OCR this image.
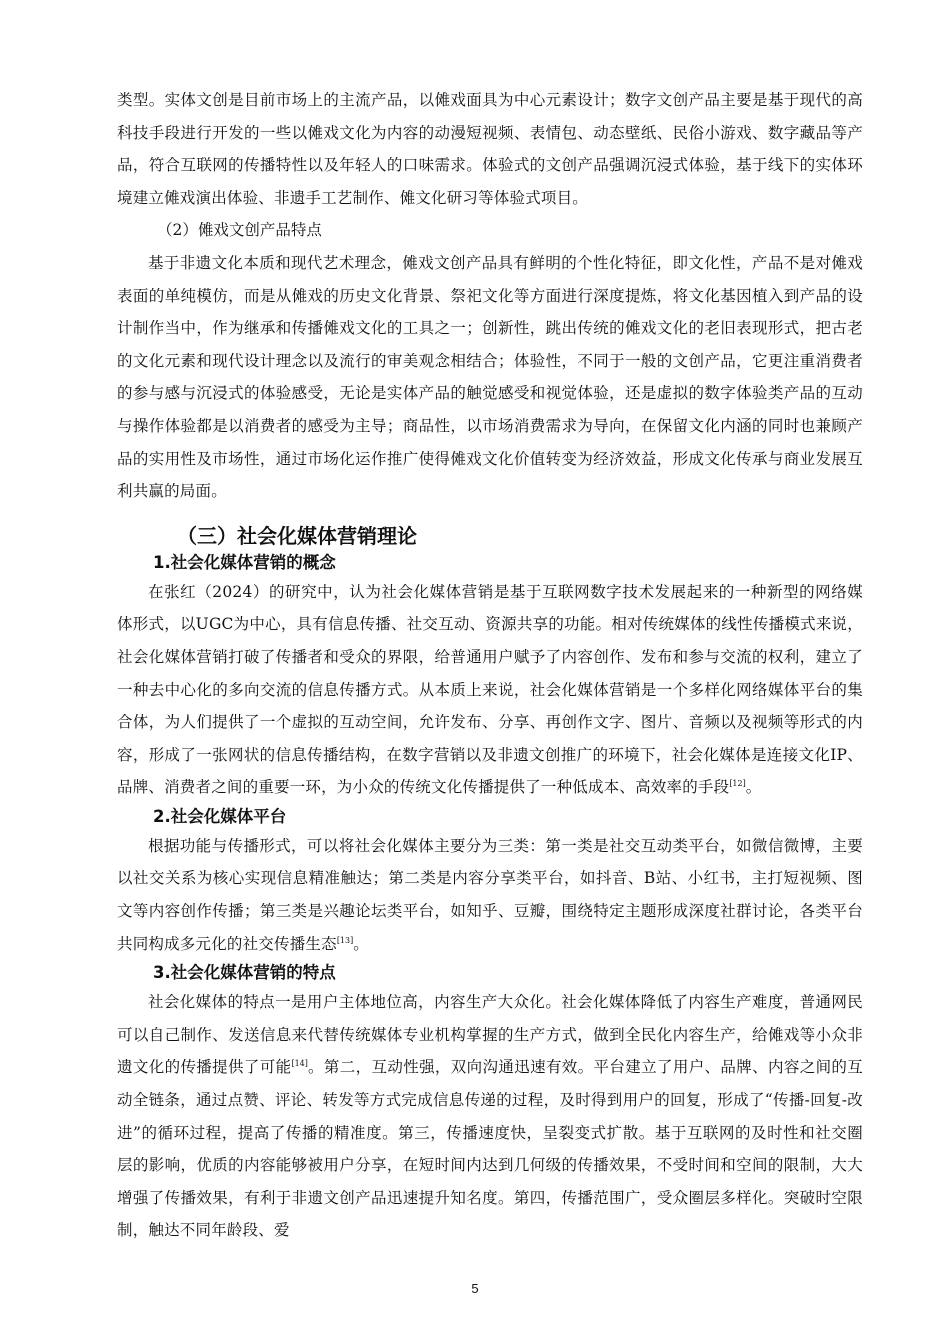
类型。实体文创是目前市场上的主流产品，以傩戏面具为中心元素设计；数字文创产品主要是基于现代的高科技手段进行开发的一些以傩戏文化为内容的动漫短视频、表情包、动态壁纸、民俗小游戏、数字藏品等产品，符合互联网的传播特性以及年轻人的口味需求。体验式的文创产品强调沉浸式体验，基于线下的实体环境建立傩戏演出体验、非遗手工艺制作、傩文化研习等体验式项目。

（2）傩戏文创产品特点

基于非遗文化本质和现代艺术理念，傩戏文创产品具有鲜明的个性化特征，即文化性，产品不是对傩戏表面的单纯模仿，而是从傩戏的历史文化背景、祭祀文化等方面进行深度提炼，将文化基因植入到产品的设计制作当中，作为继承和传播傩戏文化的工具之一；创新性，跳出传统的傩戏文化的老旧表现形式，把古老的文化元素和现代设计理念以及流行的审美观念相结合；体验性，不同于一般的文创产品，它更注重消费者的参与感与沉浸式的体验感受，无论是实体产品的触觉感受和视觉体验，还是虚拟的数字体验类产品的互动与操作体验都是以消费者的感受为主导；商品性，以市场消费需求为导向，在保留文化内涵的同时也兼顾产品的实用性及市场性，通过市场化运作推广使得傩戏文化价值转变为经济效益，形成文化传承与商业发展互利共赢的局面。

（三）社会化媒体营销理论
1.社会化媒体营销的概念

在张红（2024）的研究中，认为社会化媒体营销是基于互联网数字技术发展起来的一种新型的网络媒体形式，以UGC为中心，具有信息传播、社交互动、资源共享的功能。相对传统媒体的线性传播模式来说，社会化媒体营销打破了传播者和受众的界限，给普通用户赋予了内容创作、发布和参与交流的权利，建立了一种去中心化的多向交流的信息传播方式。从本质上来说，社会化媒体营销是一个多样化网络媒体平台的集合体，为人们提供了一个虚拟的互动空间，允许发布、分享、再创作文字、图片、音频以及视频等形式的内容，形成了一张网状的信息传播结构，在数字营销以及非遗文创推广的环境下，社会化媒体是连接文化IP、品牌、消费者之间的重要一环，为小众的传统文化传播提供了一种低成本、高效率的手段[12]。

2.社会化媒体平台

根据功能与传播形式，可以将社会化媒体主要分为三类：第一类是社交互动类平台，如微信微博，主要以社交关系为核心实现信息精准触达；第二类是内容分享类平台，如抖音、B站、小红书，主打短视频、图文等内容创作传播；第三类是兴趣论坛类平台，如知乎、豆瓣，围绕特定主题形成深度社群讨论，各类平台共同构成多元化的社交传播生态[13]。

3.社会化媒体营销的特点

社会化媒体的特点一是用户主体地位高，内容生产大众化。社会化媒体降低了内容生产难度，普通网民可以自己制作、发送信息来代替传统媒体专业机构掌握的生产方式，做到全民化内容生产，给傩戏等小众非遗文化的传播提供了可能[14]。第二，互动性强，双向沟通迅速有效。平台建立了用户、品牌、内容之间的互动全链条，通过点赞、评论、转发等方式完成信息传递的过程，及时得到用户的回复，形成了“传播-回复-改进”的循环过程，提高了传播的精准度。第三，传播速度快，呈裂变式扩散。基于互联网的及时性和社交圈层的影响，优质的内容能够被用户分享，在短时间内达到几何级的传播效果，不受时间和空间的限制，大大增强了传播效果，有利于非遗文创产品迅速提升知名度。第四，传播范围广，受众圈层多样化。突破时空限制，触达不同年龄段、爱

5
